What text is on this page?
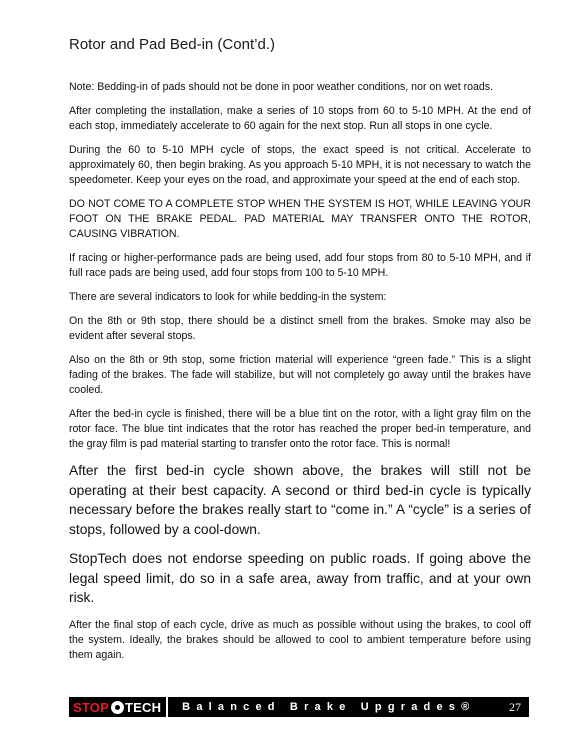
Rotor and Pad Bed-in (Cont’d.)

Note: Bedding-in of pads should not be done in poor weather conditions, nor on wet roads.

After completing the installation, make a series of 10 stops from 60 to 5-10 MPH. At the end of each stop, immediately accelerate to 60 again for the next stop. Run all stops in one cycle.

During the 60 to 5-10 MPH cycle of stops, the exact speed is not critical. Accelerate to approximately 60, then begin braking. As you approach 5-10 MPH, it is not necessary to watch the speedometer. Keep your eyes on the road, and approximate your speed at the end of each stop.

DO NOT COME TO A COMPLETE STOP WHEN THE SYSTEM IS HOT, WHILE LEAVING YOUR FOOT ON THE BRAKE PEDAL. PAD MATERIAL MAY TRANSFER ONTO THE ROTOR, CAUSING VIBRATION.

If racing or higher-performance pads are being used, add four stops from 80 to 5-10 MPH, and if full race pads are being used, add four stops from 100 to 5-10 MPH.

There are several indicators to look for while bedding-in the system:

On the 8th or 9th stop, there should be a distinct smell from the brakes. Smoke may also be evident after several stops.

Also on the 8th or 9th stop, some friction material will experience “green fade.” This is a slight fading of the brakes. The fade will stabilize, but will not completely go away until the brakes have cooled.

After the bed-in cycle is finished, there will be a blue tint on the rotor, with a light gray film on the rotor face. The blue tint indicates that the rotor has reached the proper bed-in temperature, and the gray film is pad material starting to transfer onto the rotor face. This is normal!

After the first bed-in cycle shown above, the brakes will still not be operating at their best capacity. A second or third bed-in cycle is typically necessary before the brakes really start to “come in.” A “cycle” is a series of stops, followed by a cool-down.

StopTech does not endorse speeding on public roads. If going above the legal speed limit, do so in a safe area, away from traffic, and at your own risk.

After the final stop of each cycle, drive as much as possible without using the brakes, to cool off the system. Ideally, the brakes should be allowed to cool to ambient temperature before using them again.

STOP TECH Balanced Brake Upgrades®	27
